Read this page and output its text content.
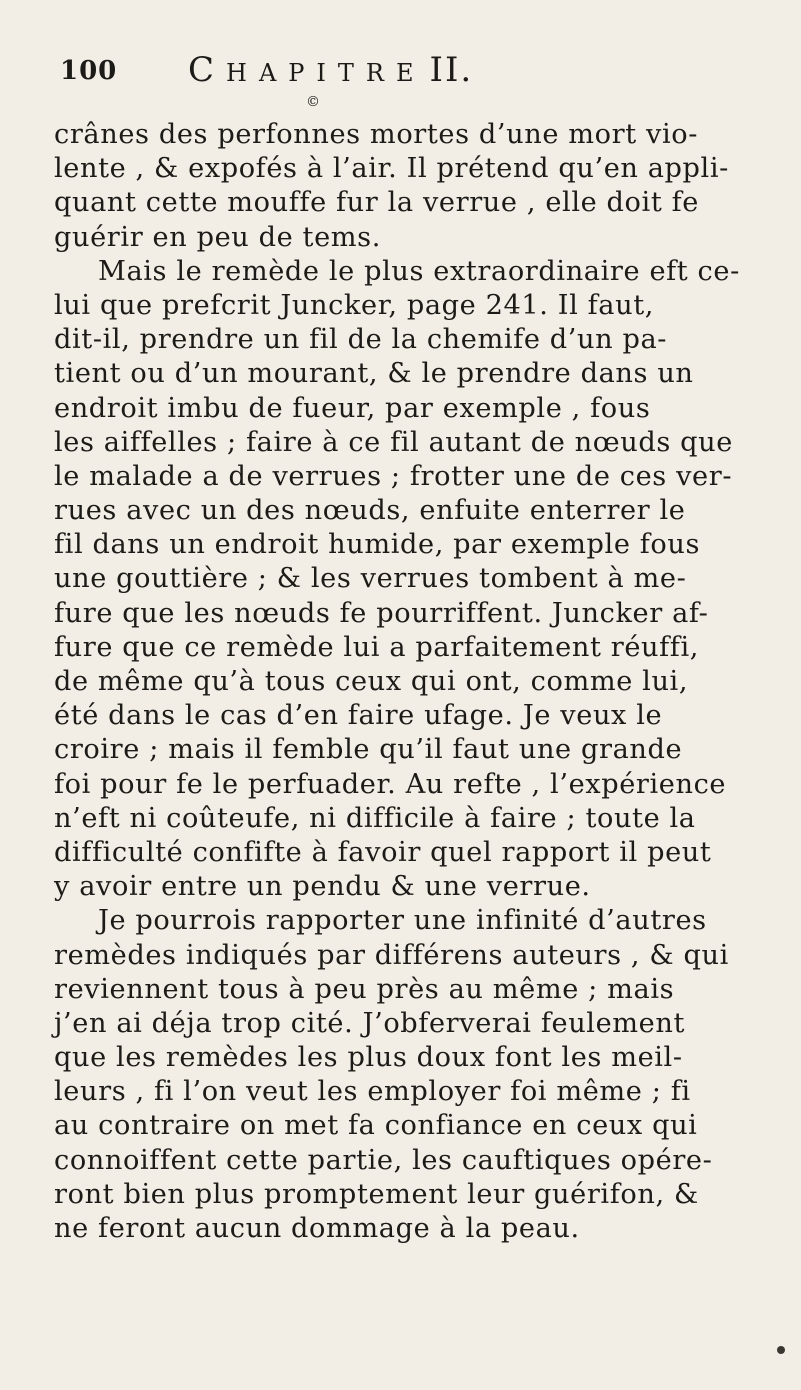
100 Chapitre II.
©
crânes des perfonnes mortes d’une mort vio-
lente , & expofés à l’air. Il prétend qu’en appli-
quant cette mouffe fur la verrue , elle doit fe
guérir en peu de tems.
Mais le remède le plus extraordinaire eft ce-
lui que prefcrit Juncker, page 241. Il faut,
dit-il, prendre un fil de la chemife d’un pa-
tient ou d’un mourant, & le prendre dans un
endroit imbu de fueur, par exemple , fous
les aiffelles ; faire à ce fil autant de nœuds que
le malade a de verrues ; frotter une de ces ver-
rues avec un des nœuds, enfuite enterrer le
fil dans un endroit humide, par exemple fous
une gouttière ; & les verrues tombent à me-
fure que les nœuds fe pourriffent. Juncker af-
fure que ce remède lui a parfaitement réuffi,
de même qu’à tous ceux qui ont, comme lui,
été dans le cas d’en faire ufage. Je veux le
croire ; mais il femble qu’il faut une grande
foi pour fe le perfuader. Au refte , l’expérience
n’eft ni coûteufe, ni difficile à faire ; toute la
difficulté confifte à favoir quel rapport il peut
y avoir entre un pendu & une verrue.
Je pourrois rapporter une infinité d’autres
remèdes indiqués par différens auteurs , & qui
reviennent tous à peu près au même ; mais
j’en ai déja trop cité. J’obferverai feulement
que les remèdes les plus doux font les meil-
leurs , fi l’on veut les employer foi même ; fi
au contraire on met fa confiance en ceux qui
connoiffent cette partie, les cauftiques opére-
ront bien plus promptement leur guérifon, &
ne feront aucun dommage à la peau.
